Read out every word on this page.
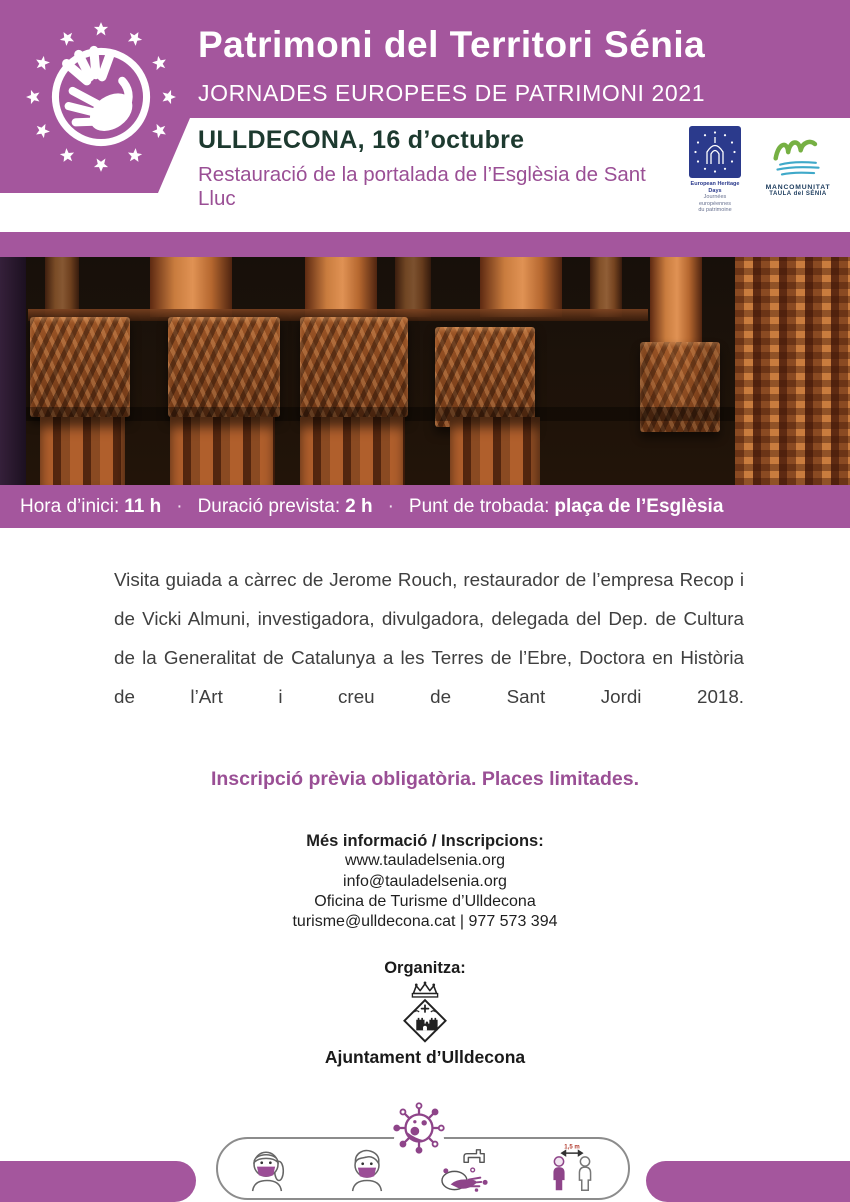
Patrimoni del Territori Sénia
JORNADES EUROPEES DE PATRIMONI 2021
ULLDECONA, 16 d’octubre
Restauració de la portalada de l’Esglèsia de Sant Lluc
European Heritage Days
Journées européennes
du patrimoine
MANCOMUNITAT
TAULA del SÉNIA
Hora d’inici: 11 h · Duració prevista: 2 h · Punt de trobada: plaça de l’Esglèsia
Visita guiada a càrrec de Jerome Rouch, restaurador de l’empresa Recop i de Vicki Almuni, investigadora, divulgadora, delegada del Dep. de Cultura de la Generalitat de Catalunya a les Terres de l’Ebre, Doctora en Història de l’Art i creu de Sant Jordi 2018.
Inscripció prèvia obligatòria. Places limitades.
Més informació / Inscripcions:
www.tauladelsenia.org
info@tauladelsenia.org
Oficina de Turisme d’Ulldecona
turisme@ulldecona.cat | 977 573 394
Organitza:
Ajuntament d’Ulldecona
1,5 m
